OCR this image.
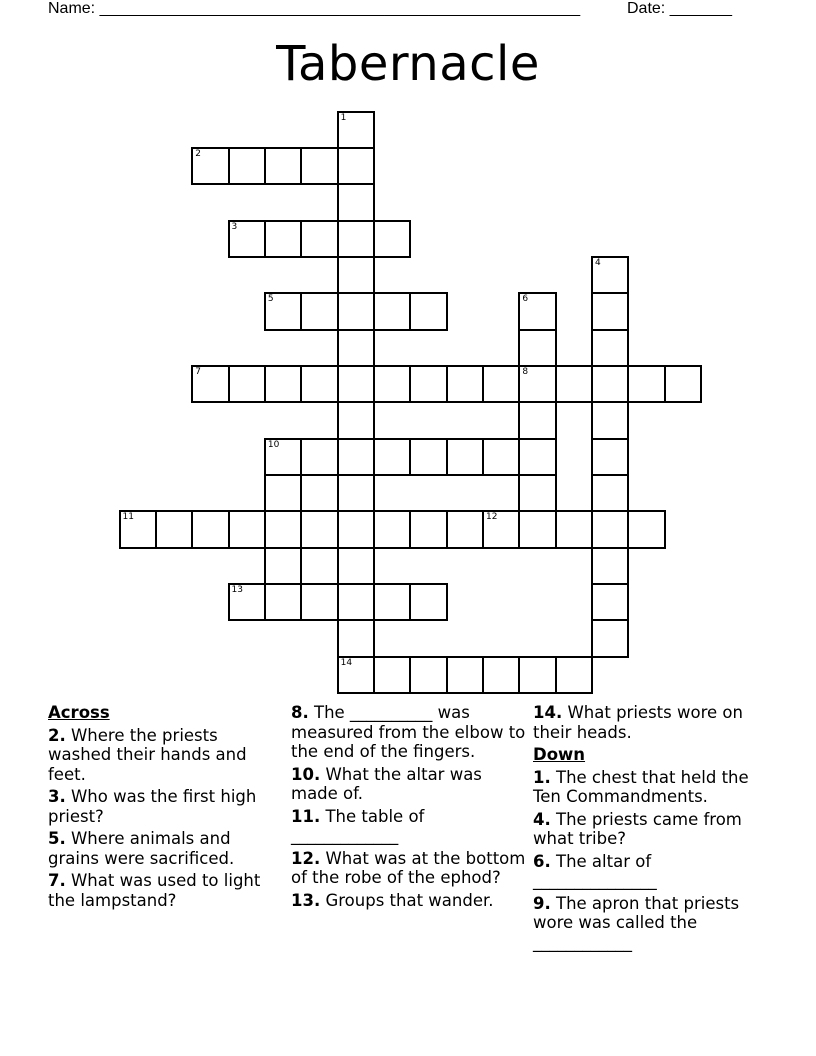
Name: ______________________________________________________	Date: _______
Tabernacle
1
14
2
3
4
5	6
8
7
10
11	12
13
Across
2. Where the priests washed their hands and feet.
3. Who was the first high priest?
5. Where animals and grains were sacrificed.
7. What was used to light the lampstand?
8. The __________ was measured from the elbow to the end of the fingers.
10. What the altar was made of.
11. The table of _____________
12. What was at the bottom of the robe of the ephod?
13. Groups that wander.
14. What priests wore on their heads.
Down
1. The chest that held the Ten Commandments.
4. The priests came from what tribe?
6. The altar of _______________
9. The apron that priests wore was called the ____________
